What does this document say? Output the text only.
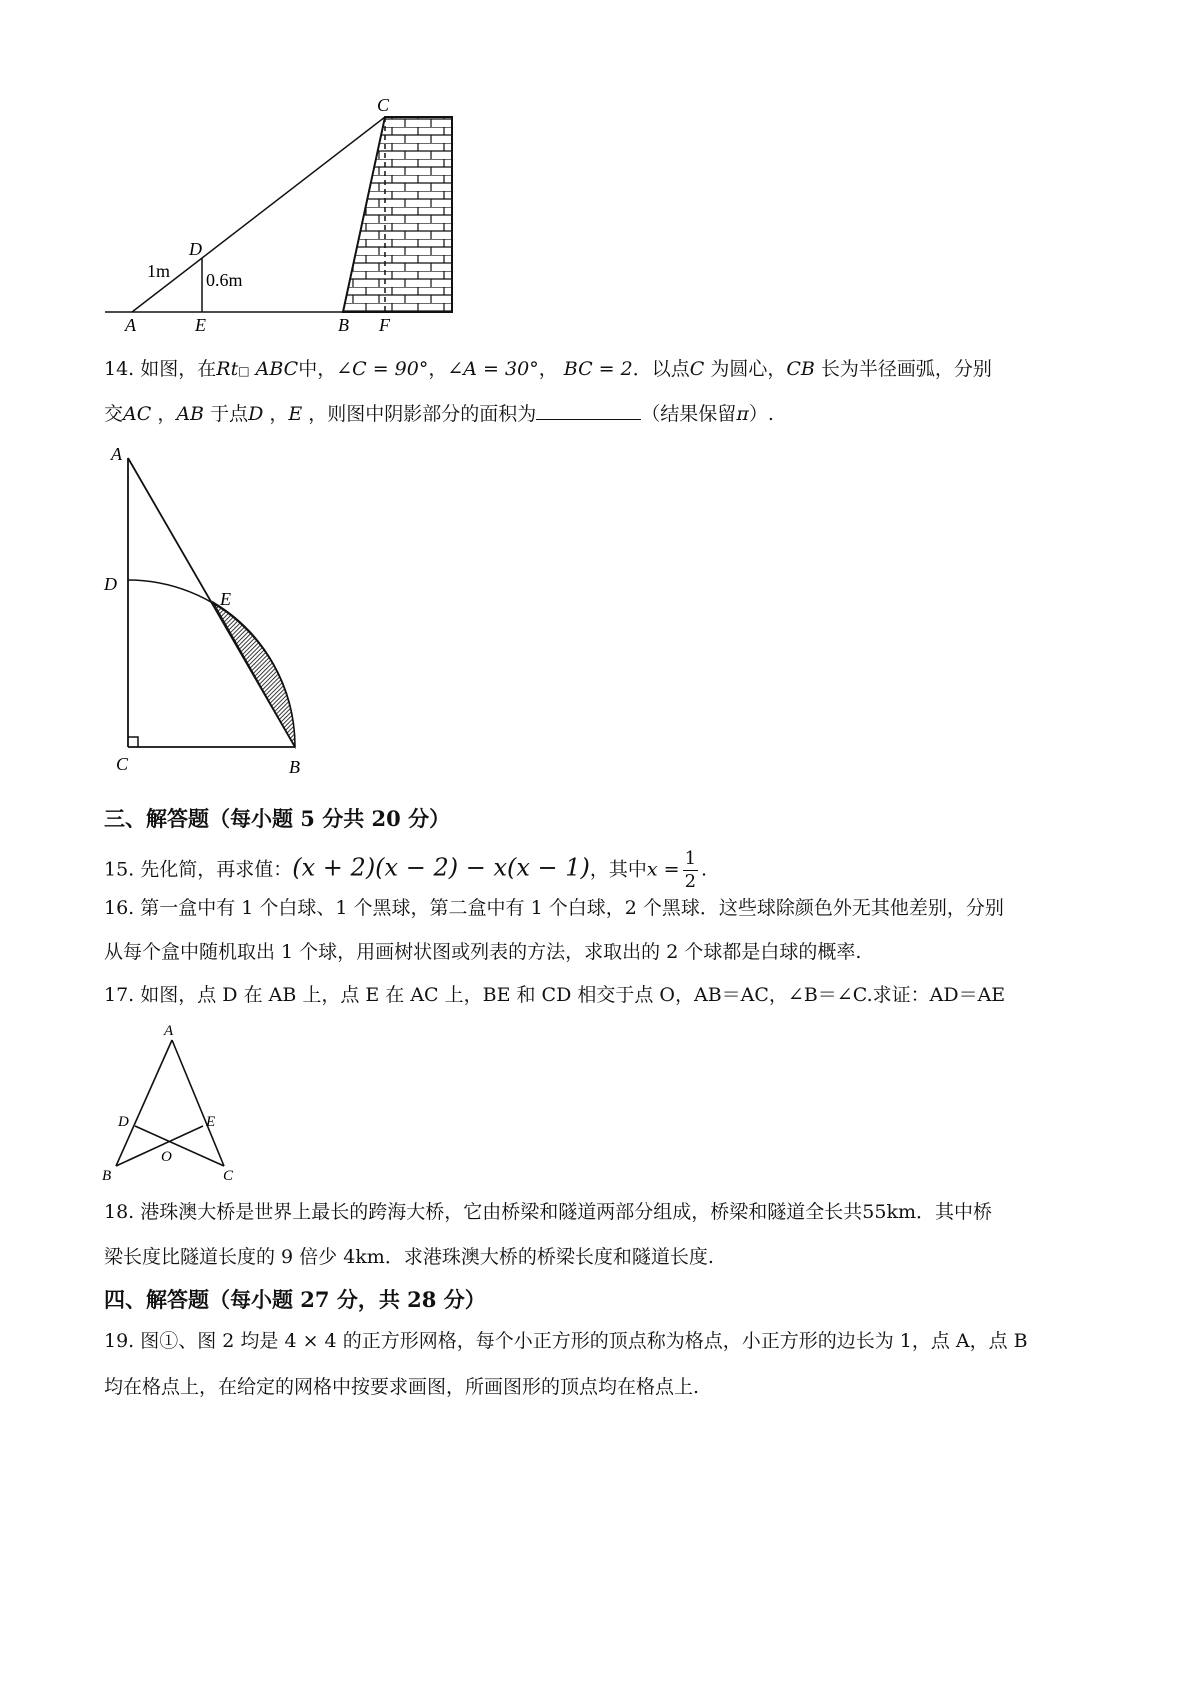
A	E	B F
C
D
1m 0.6m
14. 如图，在Rt□ ABC中，∠C = 90°，∠A = 30°， BC = 2．以点C 为圆心，CB 长为半径画弧，分别
交AC ，AB 于点D ，E ，则图中阴影部分的面积为	（结果保留π）.
A
D
E
C	B
三、解答题（每小题 5 分共 20 分）
15. 先化简，再求值：(x + 2)(x − 2) − x(x − 1)，其中$x = \frac{1}{2}$ .
16. 第一盒中有 1 个白球、1 个黑球，第二盒中有 1 个白球，2 个黑球．这些球除颜色外无其他差别，分别
从每个盒中随机取出 1 个球，用画树状图或列表的方法，求取出的 2 个球都是白球的概率.
17. 如图，点 D 在 AB 上，点 E 在 AC 上，BE 和 CD 相交于点 O，AB＝AC，∠B＝∠C.求证：AD＝AE
A
D	E
O
B	C
18. 港珠澳大桥是世界上最长的跨海大桥，它由桥梁和隧道两部分组成，桥梁和隧道全长共55km．其中桥
梁长度比隧道长度的 9 倍少 4km．求港珠澳大桥的桥梁长度和隧道长度.
四、解答题（每小题 27 分，共 28 分）
19. 图①、图 2 均是 4 × 4 的正方形网格，每个小正方形的顶点称为格点，小正方形的边长为 1，点 A，点 B
均在格点上，在给定的网格中按要求画图，所画图形的顶点均在格点上.
